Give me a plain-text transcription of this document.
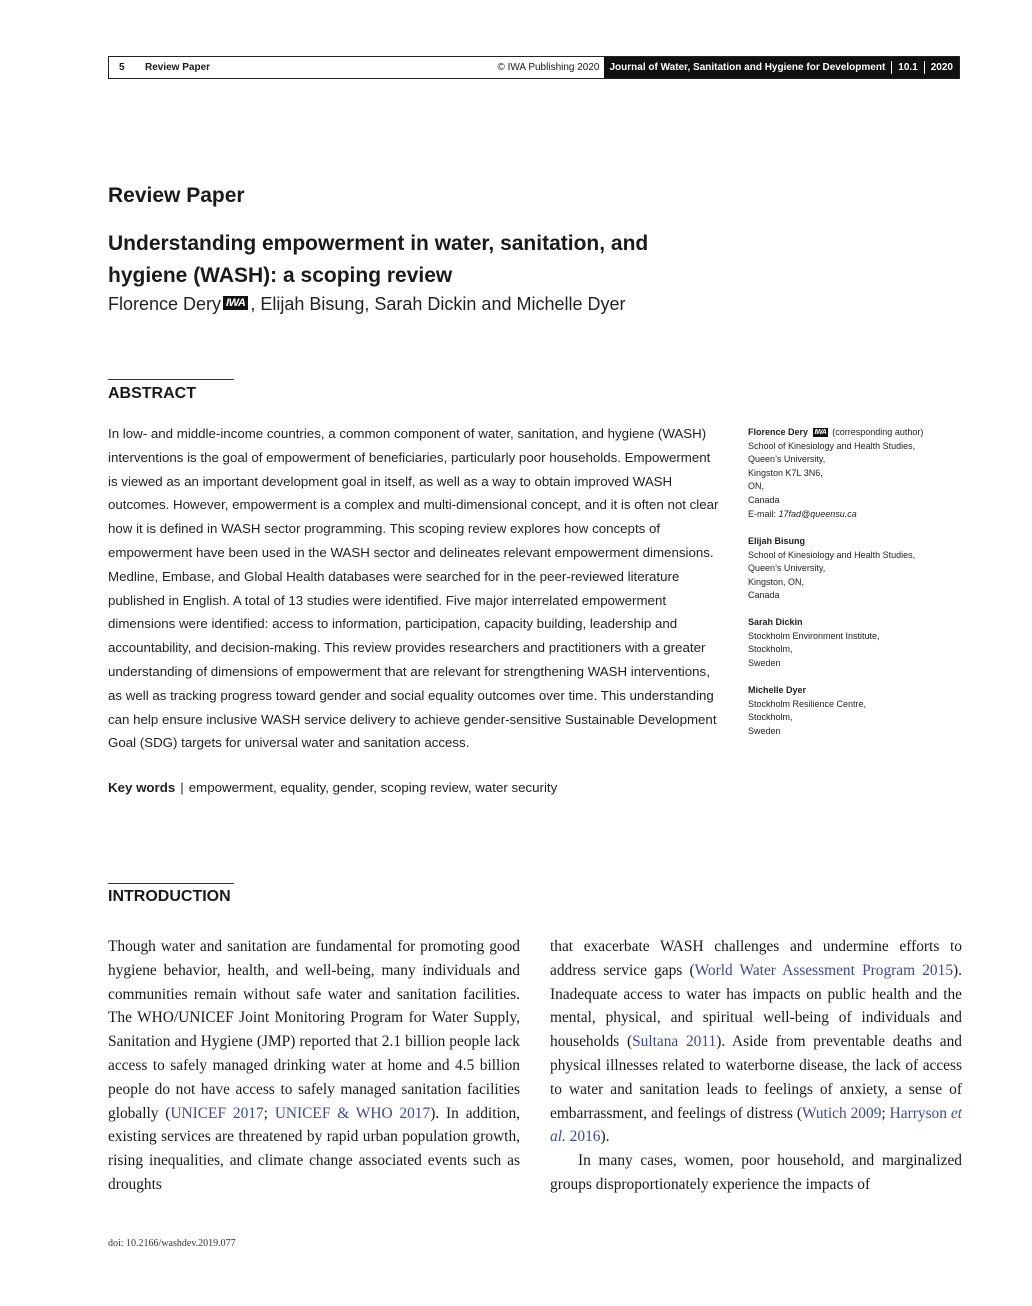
5	Review Paper	© IWA Publishing 2020	Journal of Water, Sanitation and Hygiene for Development 10.1 2020
Review Paper
Understanding empowerment in water, sanitation, and hygiene (WASH): a scoping review
Florence Dery IWA , Elijah Bisung, Sarah Dickin and Michelle Dyer
ABSTRACT
In low- and middle-income countries, a common component of water, sanitation, and hygiene (WASH) interventions is the goal of empowerment of beneficiaries, particularly poor households. Empowerment is viewed as an important development goal in itself, as well as a way to obtain improved WASH outcomes. However, empowerment is a complex and multi-dimensional concept, and it is often not clear how it is defined in WASH sector programming. This scoping review explores how concepts of empowerment have been used in the WASH sector and delineates relevant empowerment dimensions. Medline, Embase, and Global Health databases were searched for in the peer-reviewed literature published in English. A total of 13 studies were identified. Five major interrelated empowerment dimensions were identified: access to information, participation, capacity building, leadership and accountability, and decision-making. This review provides researchers and practitioners with a greater understanding of dimensions of empowerment that are relevant for strengthening WASH interventions, as well as tracking progress toward gender and social equality outcomes over time. This understanding can help ensure inclusive WASH service delivery to achieve gender-sensitive Sustainable Development Goal (SDG) targets for universal water and sanitation access.
Key words | empowerment, equality, gender, scoping review, water security
Florence Dery
IWA (corresponding author)
School of Kinesiology and Health Studies,
Queen’s University,
Kingston K7L 3N6,
ON,
Canada
E-mail: 17fad@queensu.ca
Elijah Bisung
School of Kinesiology and Health Studies,
Queen’s University,
Kingston, ON,
Canada
Sarah Dickin
Stockholm Environment Institute,
Stockholm,
Sweden
Michelle Dyer
Stockholm Resilience Centre,
Stockholm,
Sweden
INTRODUCTION

Though water and sanitation are fundamental for promoting good hygiene behavior, health, and well-being, many individuals and communities remain without safe water and sanitation facilities. The WHO/UNICEF Joint Monitoring Program for Water Supply, Sanitation and Hygiene (JMP) reported that 2.1 billion people lack access to safely managed drinking water at home and 4.5 billion people do not have access to safely managed sanitation facilities globally (UNICEF 2017; UNICEF & WHO 2017). In addition, existing services are threatened by rapid urban population growth, rising inequalities, and climate change associated events such as droughts

that exacerbate WASH challenges and undermine efforts to address service gaps (World Water Assessment Program 2015). Inadequate access to water has impacts on public health and the mental, physical, and spiritual well-being of individuals and households (Sultana 2011). Aside from preventable deaths and physical illnesses related to waterborne disease, the lack of access to water and sanitation leads to feelings of anxiety, a sense of embarrassment, and feelings of distress (Wutich 2009; Harryson et al. 2016).

In many cases, women, poor household, and marginalized groups disproportionately experience the impacts of

doi: 10.2166/washdev.2019.077
